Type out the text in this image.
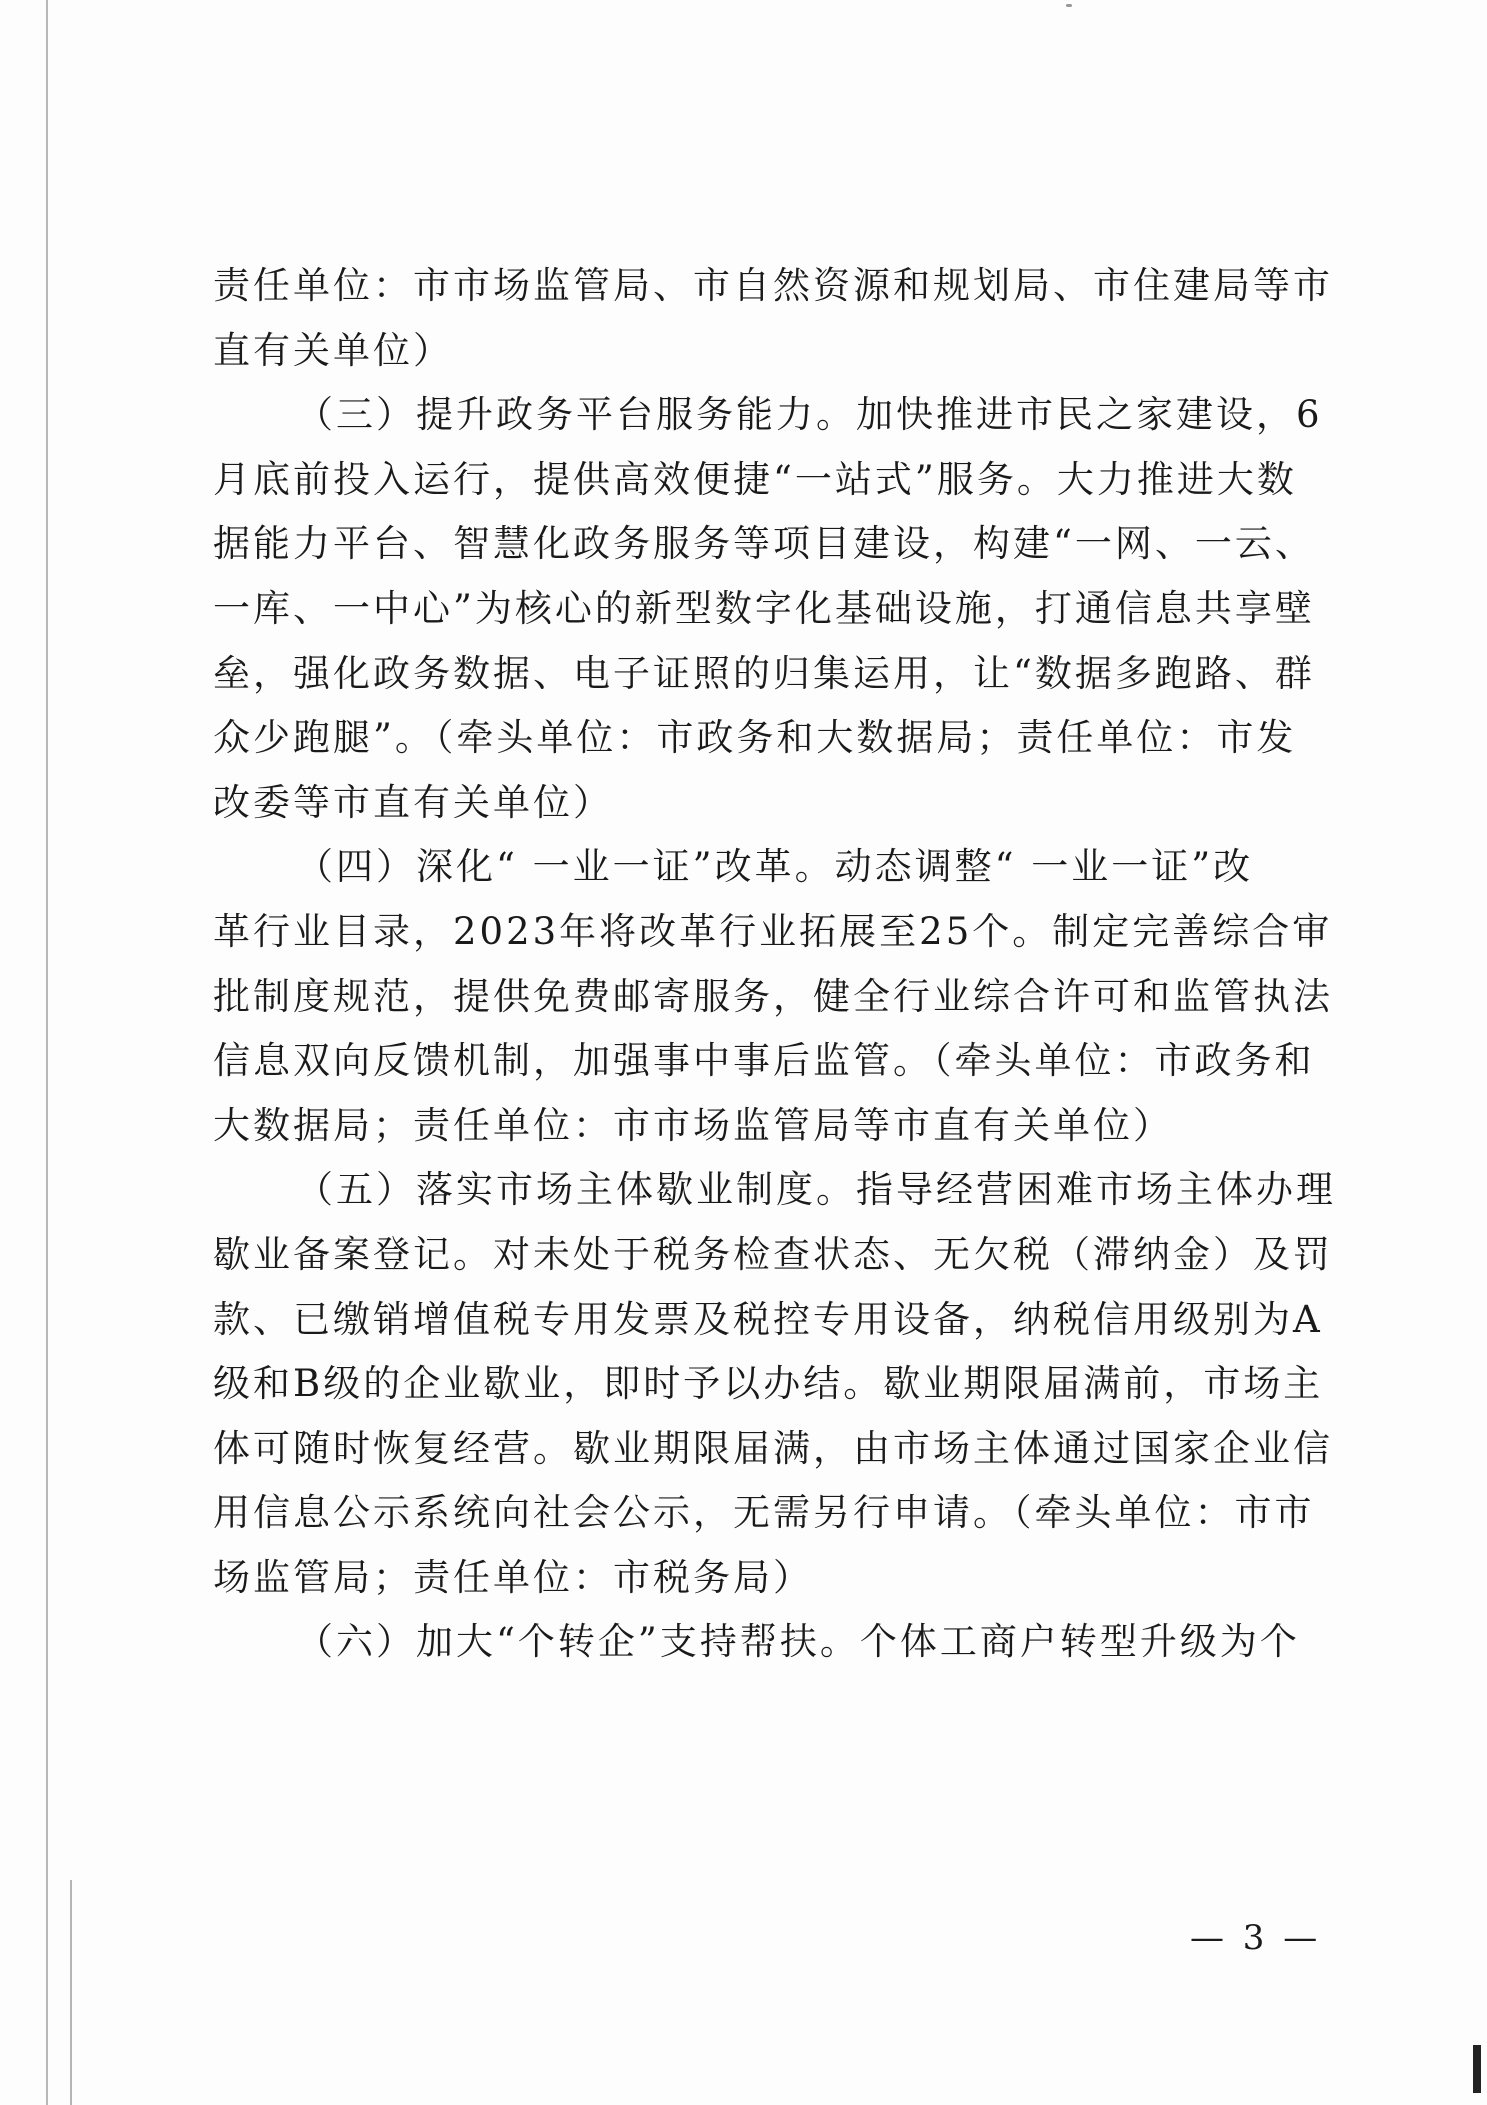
责任单位：市市场监管局、市自然资源和规划局、市住建局等市
直有关单位）

（三）提升政务平台服务能力。加快推进市民之家建设，6
月底前投入运行，提供高效便捷“一站式”服务。大力推进大数
据能力平台、智慧化政务服务等项目建设，构建“一网、一云、
一库、一中心”为核心的新型数字化基础设施，打通信息共享壁
垒，强化政务数据、电子证照的归集运用，让“数据多跑路、群
众少跑腿”。（牵头单位：市政务和大数据局；责任单位：市发
改委等市直有关单位）

（四）深化“ 一业一证”改革。动态调整“ 一业一证”改
革行业目录，2023年将改革行业拓展至25个。制定完善综合审
批制度规范，提供免费邮寄服务，健全行业综合许可和监管执法
信息双向反馈机制，加强事中事后监管。（牵头单位：市政务和
大数据局；责任单位：市市场监管局等市直有关单位）

（五）落实市场主体歇业制度。指导经营困难市场主体办理
歇业备案登记。对未处于税务检查状态、无欠税（滞纳金）及罚
款、已缴销增值税专用发票及税控专用设备，纳税信用级别为A
级和B级的企业歇业，即时予以办结。歇业期限届满前，市场主
体可随时恢复经营。歇业期限届满，由市场主体通过国家企业信
用信息公示系统向社会公示，无需另行申请。（牵头单位：市市
场监管局；责任单位：市税务局）

（六）加大“个转企”支持帮扶。个体工商户转型升级为个

— 3 —
